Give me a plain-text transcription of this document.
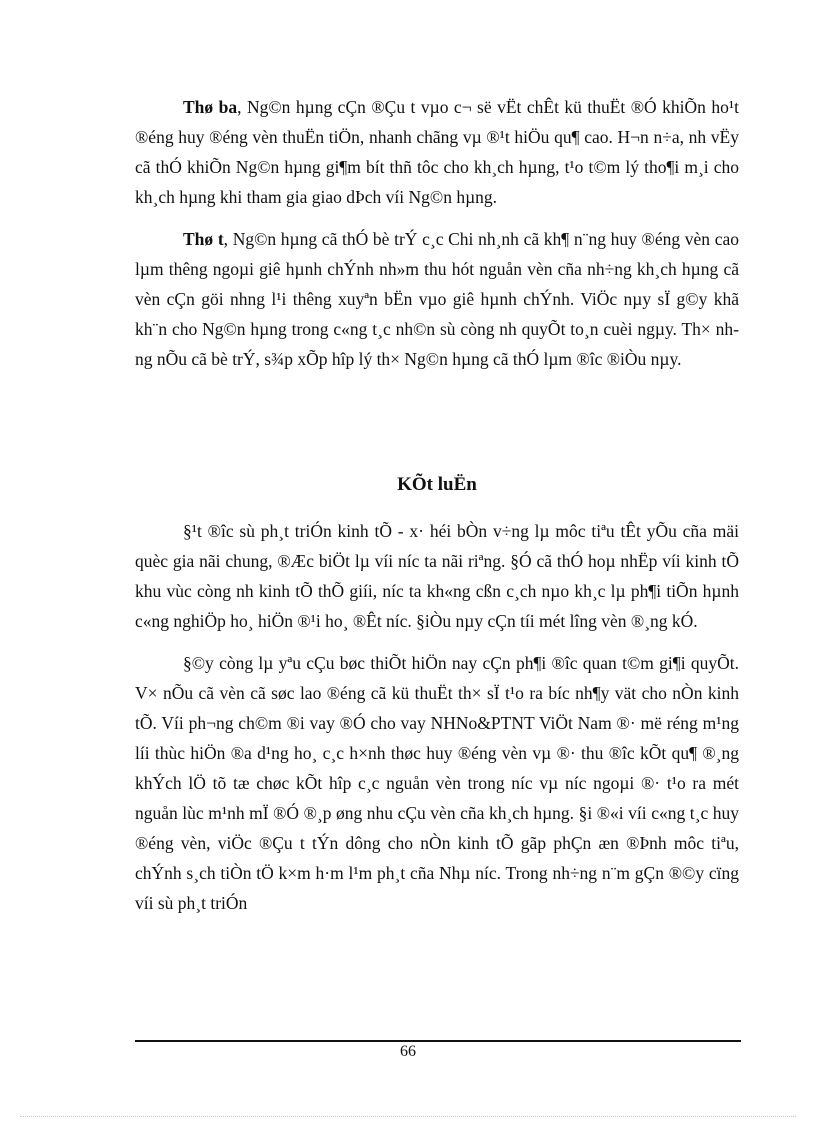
Thø ba, Ng©n hµng cÇn ®Çu t vµo c¬ së vËt chÊt kü thuËt ®Ó khiÕn ho¹t ®éng huy ®éng vèn thuËn tiÖn, nhanh chãng vµ ®¹t hiÖu qu¶ cao. H¬n n÷a, nh vËy cã thÓ khiÕn Ng©n hµng gi¶m bít thñ tôc cho kh¸ch hµng, t¹o t©m lý tho¶i m¸i cho kh¸ch hµng khi tham gia giao dÞch víi Ng©n hµng.

Thø t, Ng©n hµng cã thÓ bè trÝ c¸c Chi nh¸nh cã kh¶ n¨ng huy ®éng vèn cao lµm thêng ngoµi giê hµnh chÝnh nh»m thu hót nguån vèn cña nh÷ng kh¸ch hµng cã vèn cÇn göi nhng l¹i thêng xuyªn bËn vµo giê hµnh chÝnh. ViÖc nµy sÏ g©y khã kh¨n cho Ng©n hµng trong c«ng t¸c nh©n sù còng nh quyÕt to¸n cuèi ngµy. Th× nhng nÕu cã bè trÝ, s¾p xÕp hîp lý th× Ng©n hµng cã thÓ lµm ®îc ®iÒu nµy.

KÕt luËn

§¹t ®îc sù ph¸t triÓn kinh tÕ - x· héi bÒn v÷ng lµ môc tiªu tÊt yÕu cña mäi quèc gia nãi chung, ®Æc biÖt lµ víi níc ta nãi riªng. §Ó cã thÓ hoµ nhËp víi kinh tÕ khu vùc còng nh kinh tÕ thÕ giíi, níc ta kh«ng cßn c¸ch nµo kh¸c lµ ph¶i tiÕn hµnh c«ng nghiÖp ho¸ hiÖn ®¹i ho¸ ®Êt níc. §iÒu nµy cÇn tíi mét lîng vèn ®¸ng kÓ.

§©y còng lµ yªu cÇu bøc thiÕt hiÖn nay cÇn ph¶i ®îc quan t©m gi¶i quyÕt. V× nÕu cã vèn cã søc lao ®éng cã kü thuËt th× sÏ t¹o ra bíc nh¶y vät cho nÒn kinh tÕ. Víi ph¬ng ch©m ®i vay ®Ó cho vay NHNo&PTNT ViÖt Nam ®· më réng m¹ng líi thùc hiÖn ®a d¹ng ho¸ c¸c h×nh thøc huy ®éng vèn vµ ®· thu ®îc kÕt qu¶ ®¸ng khÝch lÖ tõ tæ chøc kÕt hîp c¸c nguån vèn trong níc vµ níc ngoµi ®· t¹o ra mét nguån lùc m¹nh mÏ ®Ó ®¸p øng nhu cÇu vèn cña kh¸ch hµng. §i ®«i víi c«ng t¸c huy ®éng vèn, viÖc ®Çu t tÝn dông cho nÒn kinh tÕ gãp phÇn æn ®Þnh môc tiªu, chÝnh s¸ch tiÒn tÖ k×m h·m l¹m ph¸t cña Nhµ níc. Trong nh÷ng n¨m gÇn ®©y cïng víi sù ph¸t triÓn

66
